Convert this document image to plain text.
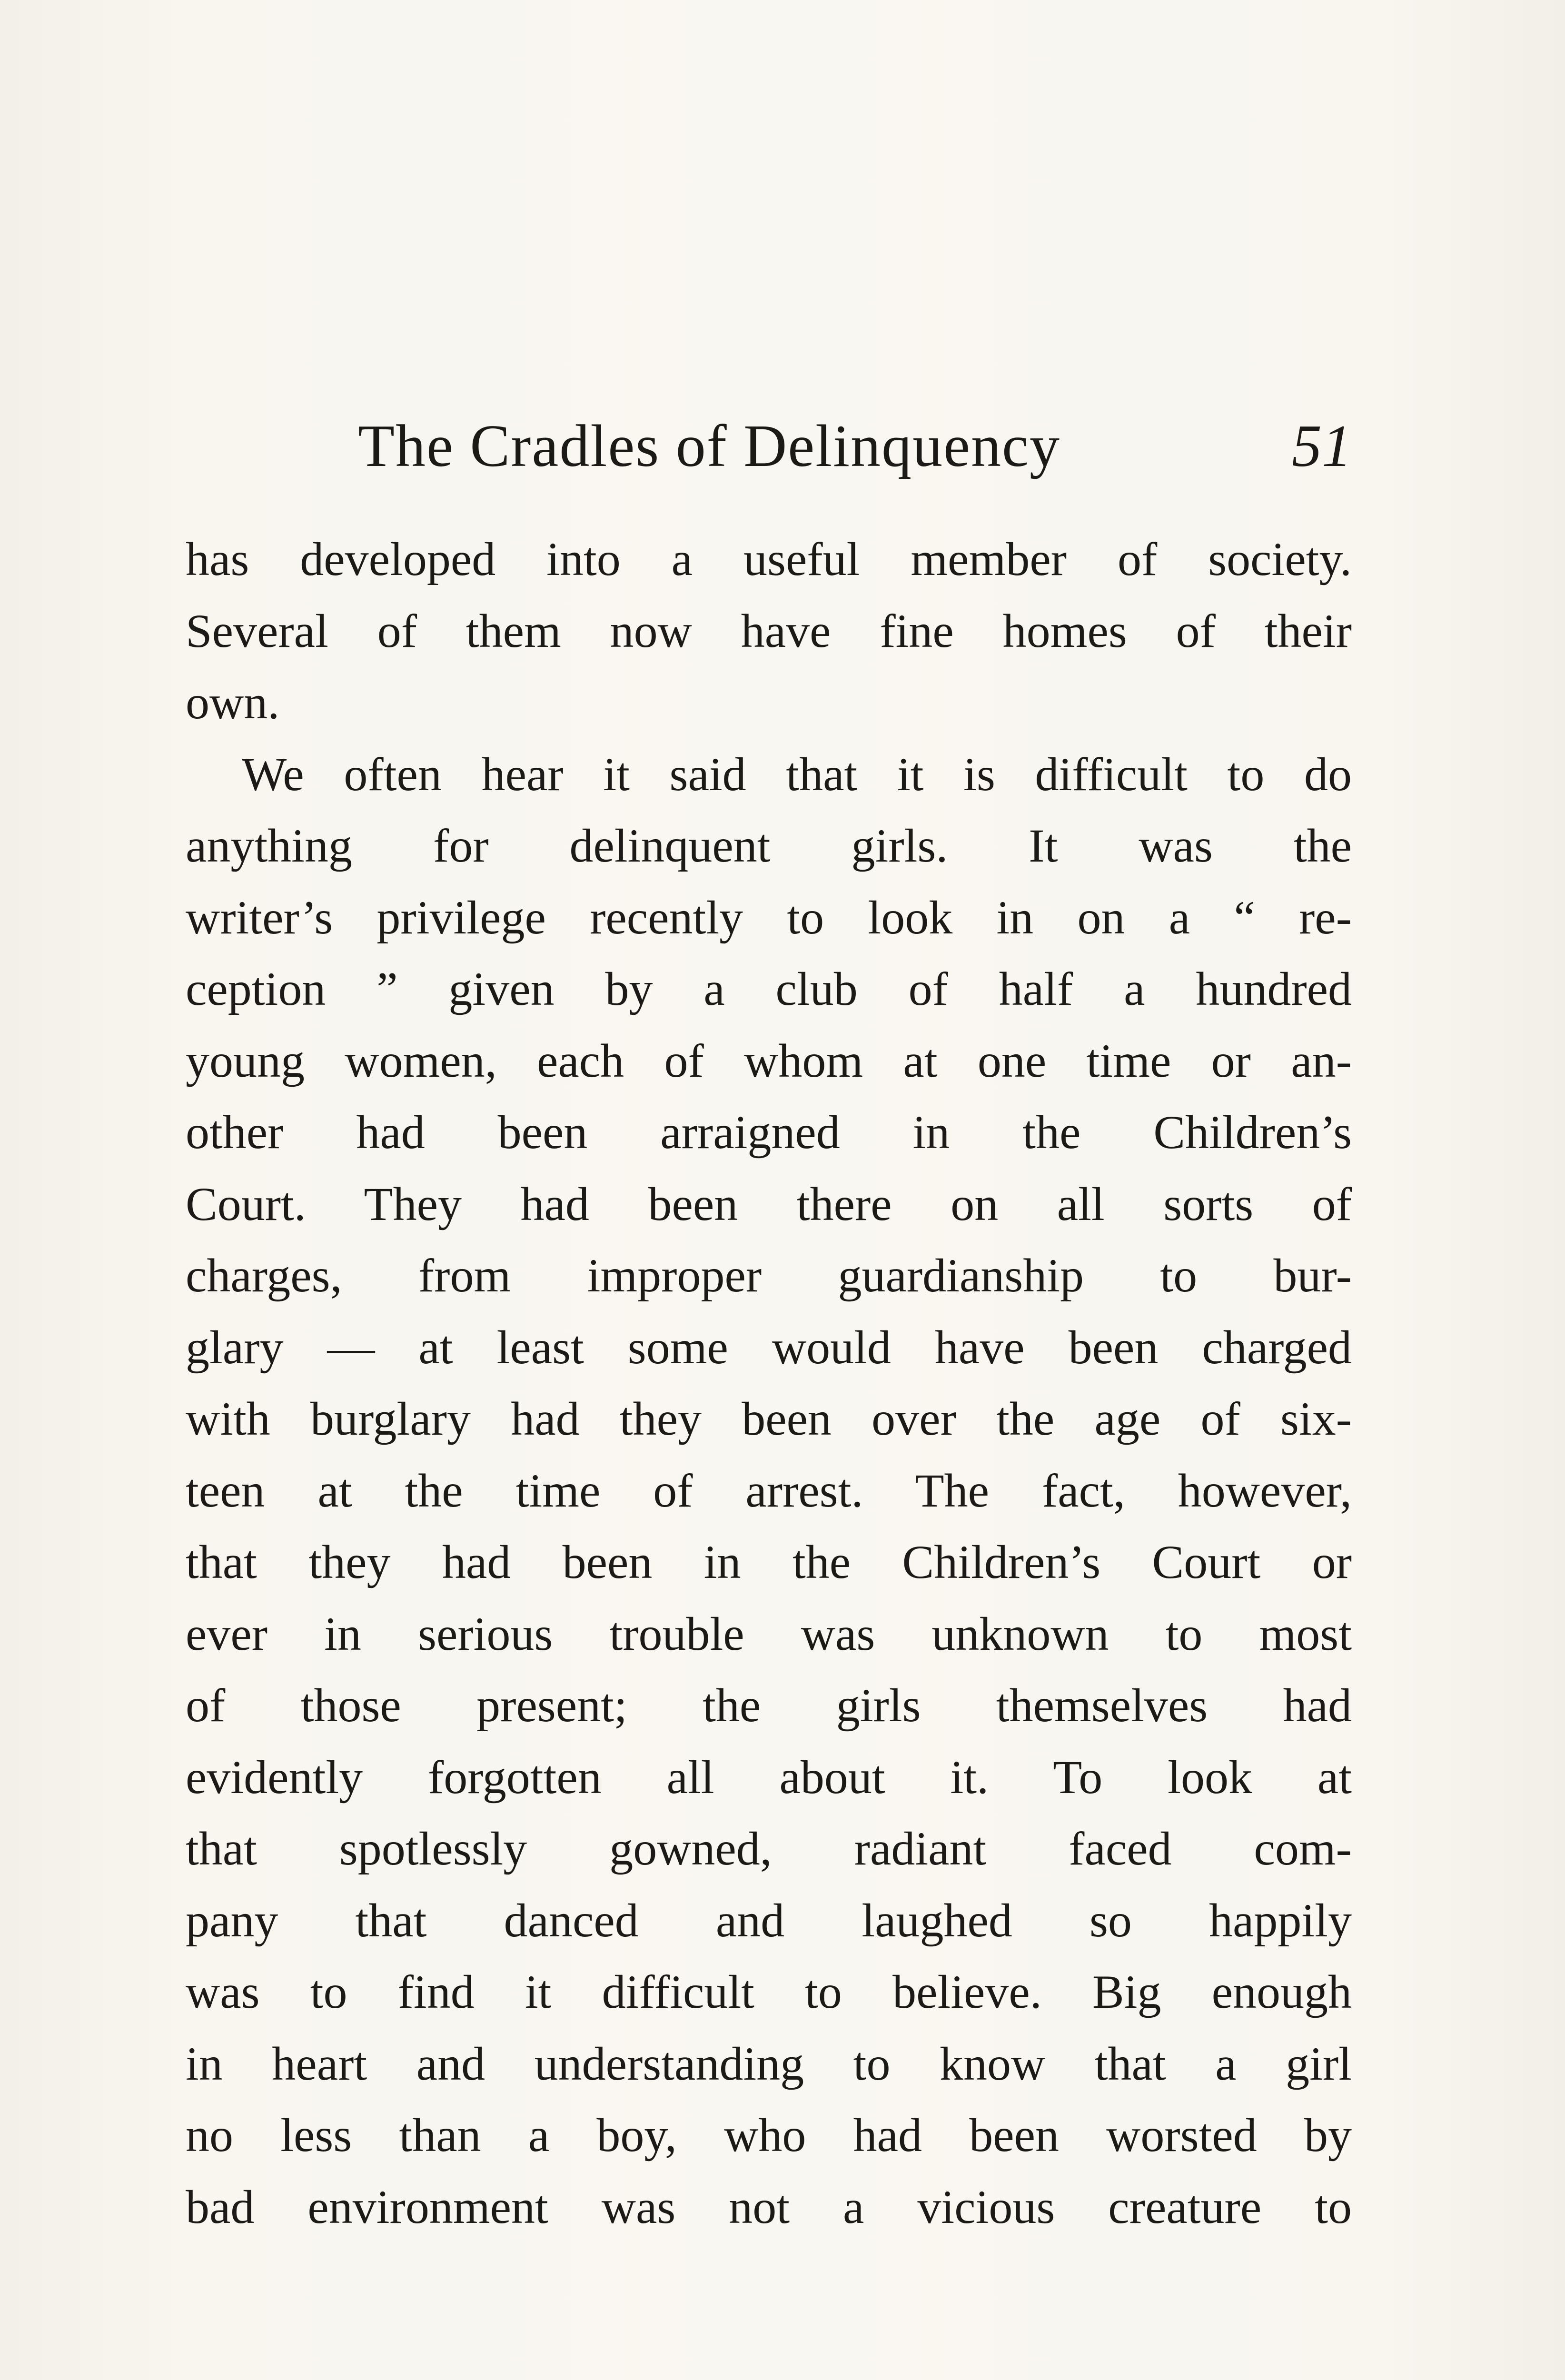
The Cradles of Delinquency	51
has developed into a useful member of society.
Several of them now have fine homes of their
own.
We often hear it said that it is difficult to do
anything for delinquent girls. It was the
writer’s privilege recently to look in on a “ re-
ception ” given by a club of half a hundred
young women, each of whom at one time or an-
other had been arraigned in the Children’s
Court. They had been there on all sorts of
charges, from improper guardianship to bur-
glary — at least some would have been charged
with burglary had they been over the age of six-
teen at the time of arrest. The fact, however,
that they had been in the Children’s Court or
ever in serious trouble was unknown to most
of those present; the girls themselves had
evidently forgotten all about it. To look at
that spotlessly gowned, radiant faced com-
pany that danced and laughed so happily
was to find it difficult to believe. Big enough
in heart and understanding to know that a girl
no less than a boy, who had been worsted by
bad environment was not a vicious creature to
